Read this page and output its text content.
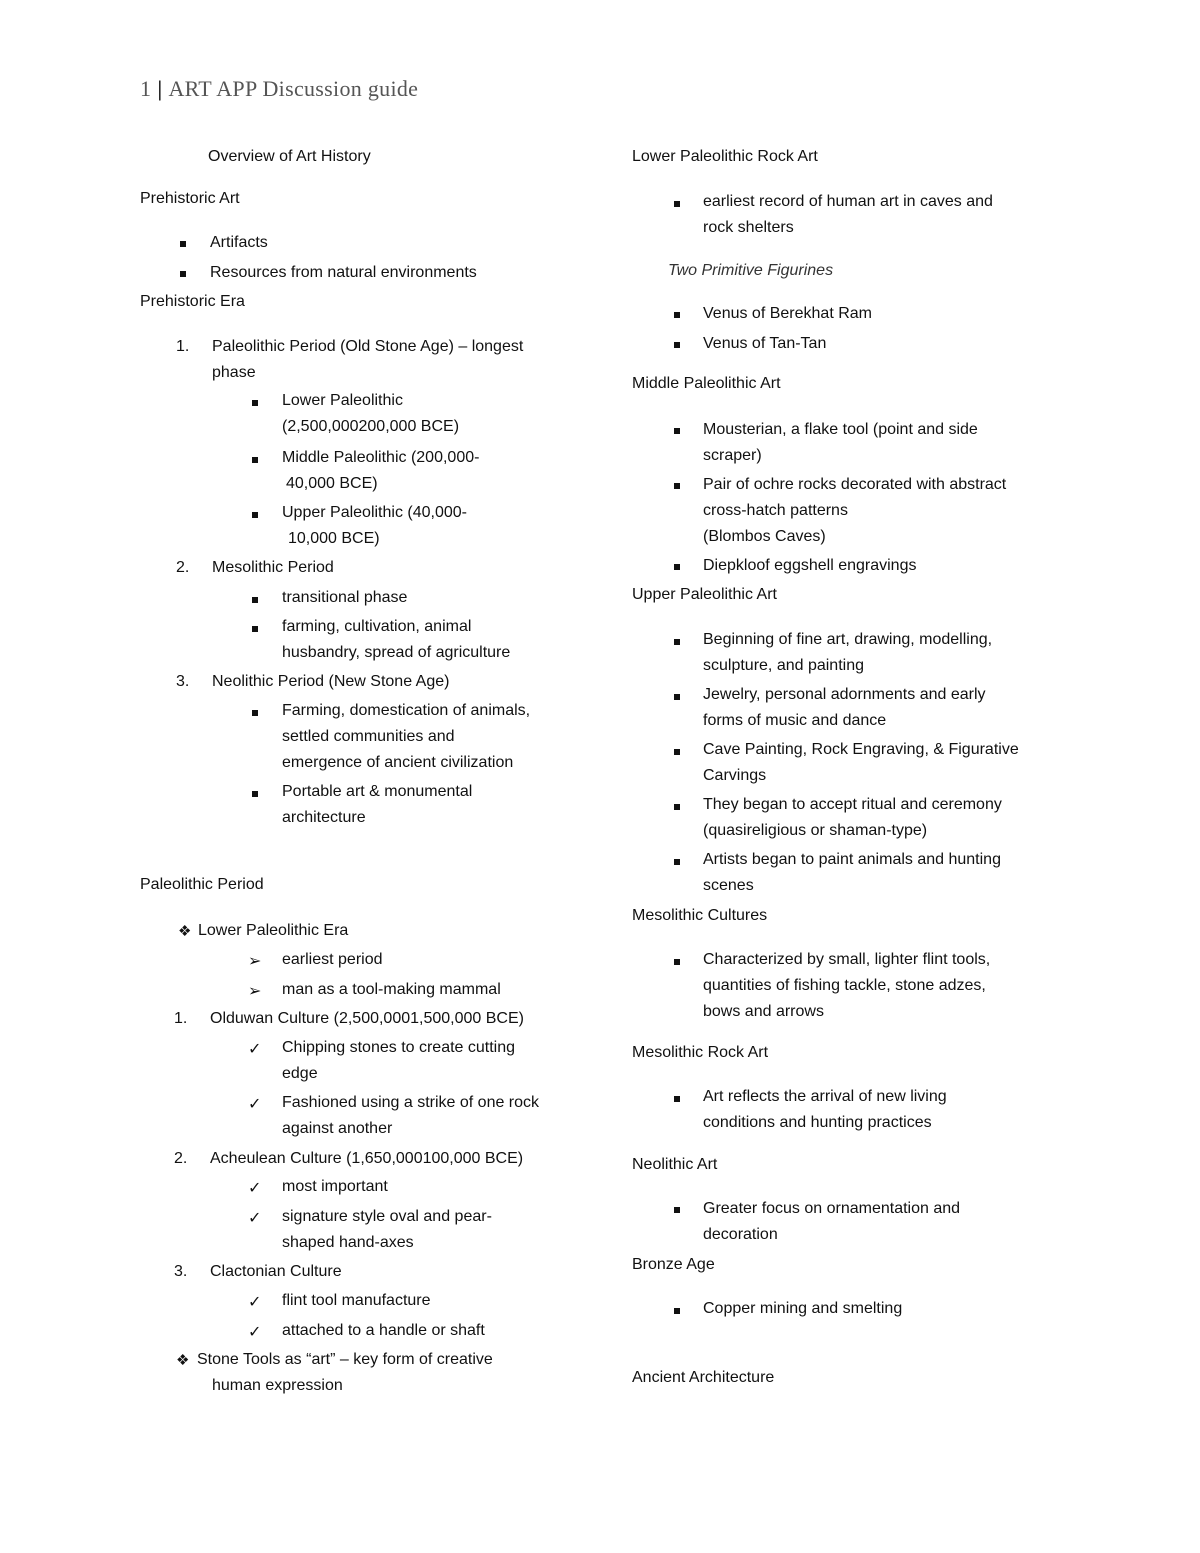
1 | ART APP Discussion guide
Overview of Art History
Prehistoric Art
Artifacts
Resources from natural environments
Prehistoric Era
1. Paleolithic Period (Old Stone Age) – longest
phase
Lower Paleolithic
(2,500,000200,000 BCE)
Middle Paleolithic (200,000-
40,000 BCE)
Upper Paleolithic (40,000-
10,000 BCE)
2. Mesolithic Period
transitional phase
farming, cultivation, animal
husbandry, spread of agriculture
3. Neolithic Period (New Stone Age)
Farming, domestication of animals,
settled communities and
emergence of ancient civilization
Portable art & monumental
architecture
Paleolithic Period
❖ Lower Paleolithic Era
➢ earliest period
➢ man as a tool-making mammal
1. Olduwan Culture (2,500,0001,500,000 BCE)
✓ Chipping stones to create cutting
edge
✓ Fashioned using a strike of one rock
against another
2. Acheulean Culture (1,650,000100,000 BCE)
✓ most important
✓ signature style oval and pear-
shaped hand-axes
3. Clactonian Culture
✓ flint tool manufacture
✓ attached to a handle or shaft
❖ Stone Tools as “art” – key form of creative
human expression
Lower Paleolithic Rock Art
earliest record of human art in caves and
rock shelters
Two Primitive Figurines
Venus of Berekhat Ram
Venus of Tan-Tan
Middle Paleolithic Art
Mousterian, a flake tool (point and side
scraper)
Pair of ochre rocks decorated with abstract
cross-hatch patterns
(Blombos Caves)
Diepkloof eggshell engravings
Upper Paleolithic Art
Beginning of fine art, drawing, modelling,
sculpture, and painting
Jewelry, personal adornments and early
forms of music and dance
Cave Painting, Rock Engraving, & Figurative
Carvings
They began to accept ritual and ceremony
(quasireligious or shaman-type)
Artists began to paint animals and hunting
scenes
Mesolithic Cultures
Characterized by small, lighter flint tools,
quantities of fishing tackle, stone adzes,
bows and arrows
Mesolithic Rock Art
Art reflects the arrival of new living
conditions and hunting practices
Neolithic Art
Greater focus on ornamentation and
decoration
Bronze Age
Copper mining and smelting
Ancient Architecture
